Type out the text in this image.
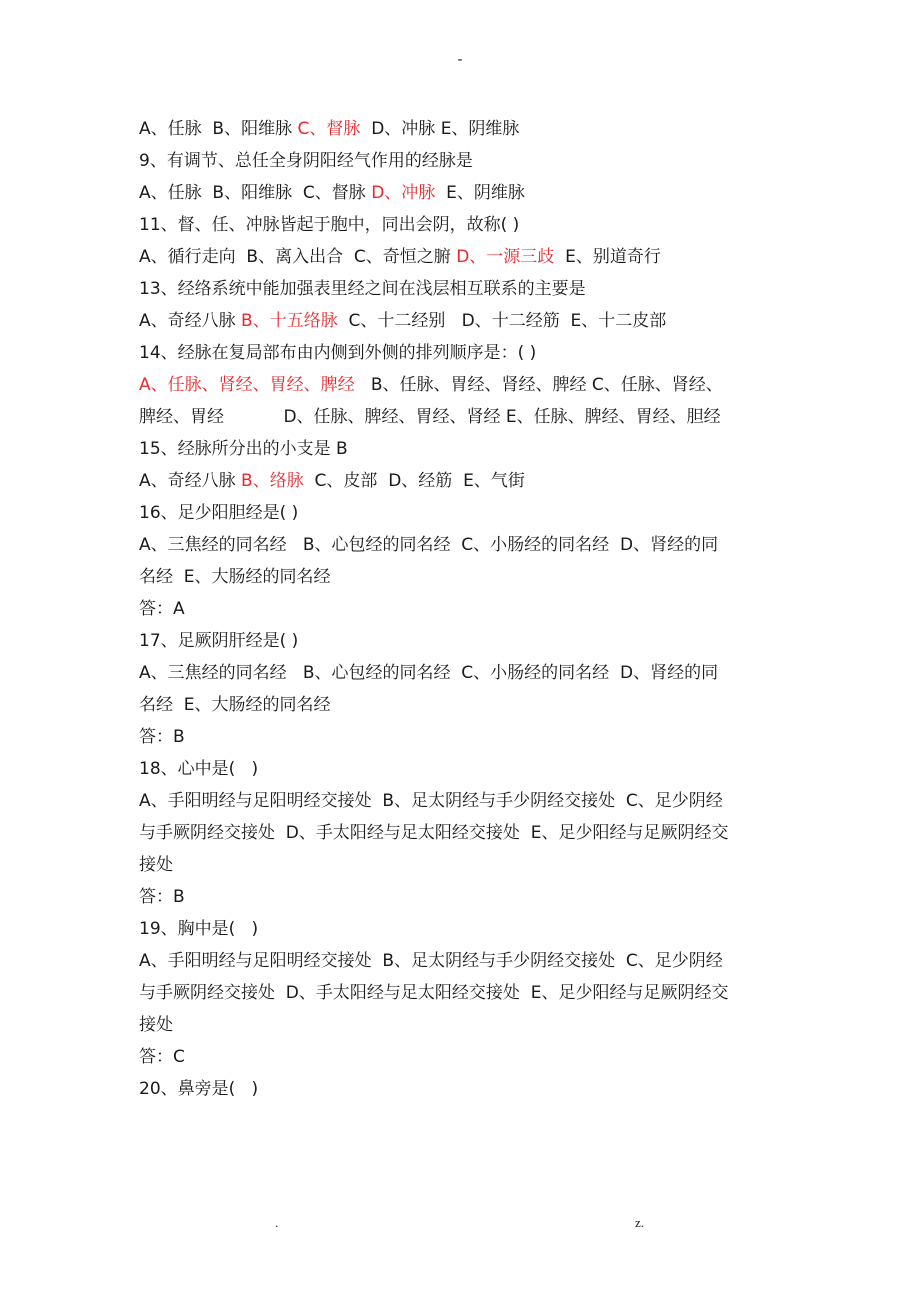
-
A、任脉  B、阳维脉 C、督脉  D、冲脉 E、阴维脉
9、有调节、总任全身阴阳经气作用的经脉是
A、任脉  B、阳维脉  C、督脉 D、冲脉  E、阴维脉
11、督、任、冲脉皆起于胞中，同出会阴，故称( )
A、循行走向  B、离入出合  C、奇恒之腑 D、一源三歧  E、别道奇行
13、经络系统中能加强表里经之间在浅层相互联系的主要是
A、奇经八脉 B、十五络脉  C、十二经别   D、十二经筋  E、十二皮部
14、经脉在复局部布由内侧到外侧的排列顺序是：( )
A、任脉、肾经、胃经、脾经   B、任脉、胃经、肾经、脾经 C、任脉、肾经、
脾经、胃经           D、任脉、脾经、胃经、肾经 E、任脉、脾经、胃经、胆经
15、经脉所分出的小支是 B
A、奇经八脉 B、络脉  C、皮部  D、经筋  E、气街
16、足少阳胆经是( )
A、三焦经的同名经   B、心包经的同名经  C、小肠经的同名经  D、肾经的同
名经  E、大肠经的同名经
答：A
17、足厥阴肝经是( )
A、三焦经的同名经   B、心包经的同名经  C、小肠经的同名经  D、肾经的同
名经  E、大肠经的同名经
答：B
18、心中是(   )
A、手阳明经与足阳明经交接处  B、足太阴经与手少阴经交接处  C、足少阴经
与手厥阴经交接处  D、手太阳经与足太阳经交接处  E、足少阳经与足厥阴经交
接处
答：B
19、胸中是(   )
A、手阳明经与足阳明经交接处  B、足太阴经与手少阴经交接处  C、足少阴经
与手厥阴经交接处  D、手太阳经与足太阳经交接处  E、足少阳经与足厥阴经交
接处
答：C
20、鼻旁是(   )
.	z.
